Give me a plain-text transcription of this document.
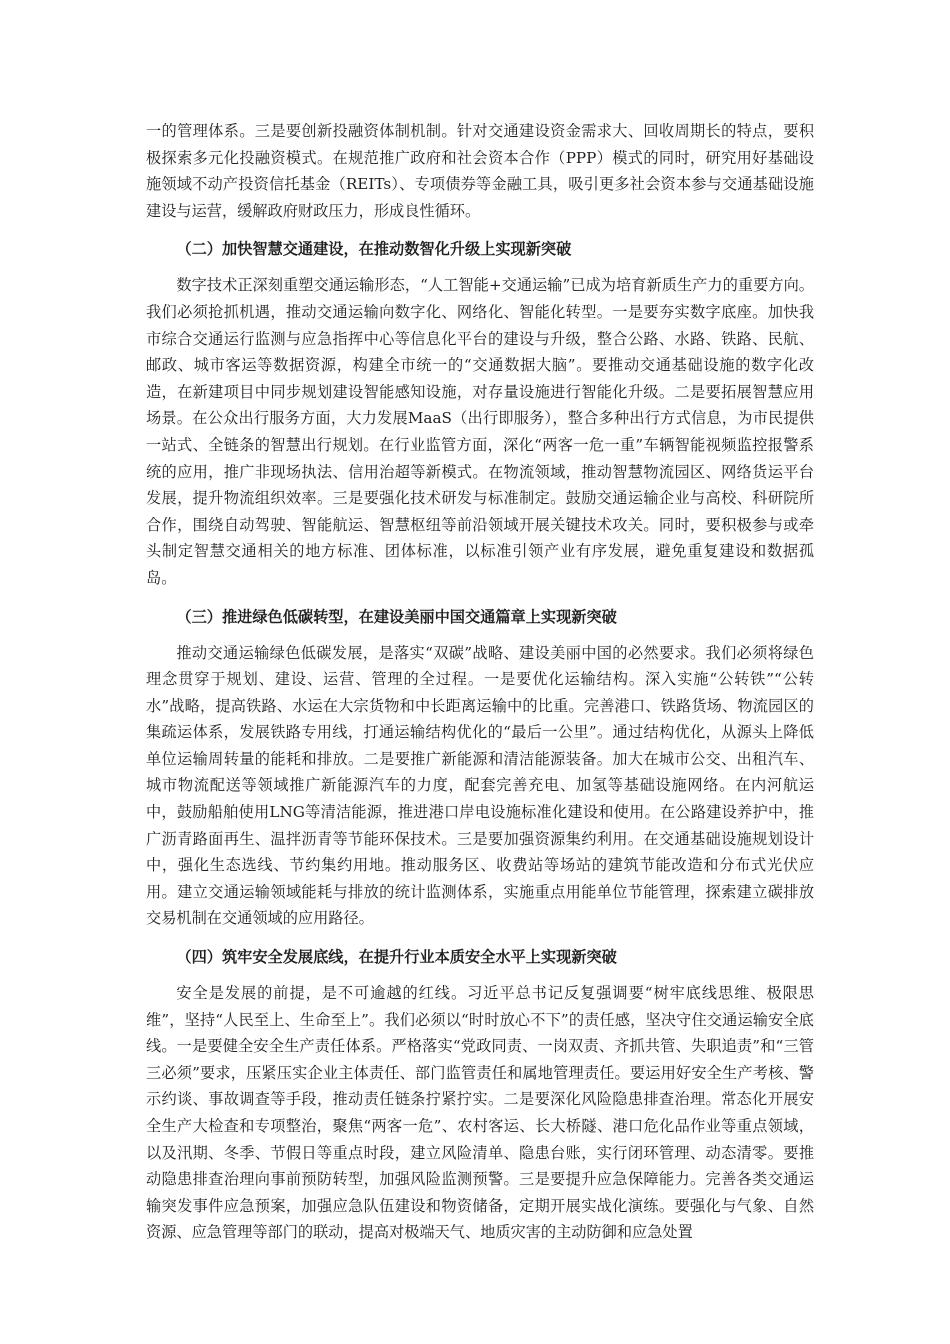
一的管理体系。三是要创新投融资体制机制。针对交通建设资金需求大、回收周期长的特点，要积极探索多元化投融资模式。在规范推广政府和社会资本合作（PPP）模式的同时，研究用好基础设施领域不动产投资信托基金（REITs）、专项债券等金融工具，吸引更多社会资本参与交通基础设施建设与运营，缓解政府财政压力，形成良性循环。

（二）加快智慧交通建设，在推动数智化升级上实现新突破

数字技术正深刻重塑交通运输形态，“人工智能+交通运输”已成为培育新质生产力的重要方向。我们必须抢抓机遇，推动交通运输向数字化、网络化、智能化转型。一是要夯实数字底座。加快我市综合交通运行监测与应急指挥中心等信息化平台的建设与升级，整合公路、水路、铁路、民航、邮政、城市客运等数据资源，构建全市统一的“交通数据大脑”。要推动交通基础设施的数字化改造，在新建项目中同步规划建设智能感知设施，对存量设施进行智能化升级。二是要拓展智慧应用场景。在公众出行服务方面，大力发展MaaS（出行即服务），整合多种出行方式信息，为市民提供一站式、全链条的智慧出行规划。在行业监管方面，深化“两客一危一重”车辆智能视频监控报警系统的应用，推广非现场执法、信用治超等新模式。在物流领域，推动智慧物流园区、网络货运平台发展，提升物流组织效率。三是要强化技术研发与标准制定。鼓励交通运输企业与高校、科研院所合作，围绕自动驾驶、智能航运、智慧枢纽等前沿领域开展关键技术攻关。同时，要积极参与或牵头制定智慧交通相关的地方标准、团体标准，以标准引领产业有序发展，避免重复建设和数据孤岛。

（三）推进绿色低碳转型，在建设美丽中国交通篇章上实现新突破

推动交通运输绿色低碳发展，是落实“双碳”战略、建设美丽中国的必然要求。我们必须将绿色理念贯穿于规划、建设、运营、管理的全过程。一是要优化运输结构。深入实施“公转铁”“公转水”战略，提高铁路、水运在大宗货物和中长距离运输中的比重。完善港口、铁路货场、物流园区的集疏运体系，发展铁路专用线，打通运输结构优化的“最后一公里”。通过结构优化，从源头上降低单位运输周转量的能耗和排放。二是要推广新能源和清洁能源装备。加大在城市公交、出租汽车、城市物流配送等领域推广新能源汽车的力度，配套完善充电、加氢等基础设施网络。在内河航运中，鼓励船舶使用LNG等清洁能源，推进港口岸电设施标准化建设和使用。在公路建设养护中，推广沥青路面再生、温拌沥青等节能环保技术。三是要加强资源集约利用。在交通基础设施规划设计中，强化生态选线、节约集约用地。推动服务区、收费站等场站的建筑节能改造和分布式光伏应用。建立交通运输领域能耗与排放的统计监测体系，实施重点用能单位节能管理，探索建立碳排放交易机制在交通领域的应用路径。

（四）筑牢安全发展底线，在提升行业本质安全水平上实现新突破

安全是发展的前提，是不可逾越的红线。习近平总书记反复强调要“树牢底线思维、极限思维”，坚持“人民至上、生命至上”。我们必须以“时时放心不下”的责任感，坚决守住交通运输安全底线。一是要健全安全生产责任体系。严格落实“党政同责、一岗双责、齐抓共管、失职追责”和“三管三必须”要求，压紧压实企业主体责任、部门监管责任和属地管理责任。要运用好安全生产考核、警示约谈、事故调查等手段，推动责任链条拧紧拧实。二是要深化风险隐患排查治理。常态化开展安全生产大检查和专项整治，聚焦“两客一危”、农村客运、长大桥隧、港口危化品作业等重点领域，以及汛期、冬季、节假日等重点时段，建立风险清单、隐患台账，实行闭环管理、动态清零。要推动隐患排查治理向事前预防转型，加强风险监测预警。三是要提升应急保障能力。完善各类交通运输突发事件应急预案，加强应急队伍建设和物资储备，定期开展实战化演练。要强化与气象、自然资源、应急管理等部门的联动，提高对极端天气、地质灾害的主动防御和应急处置
